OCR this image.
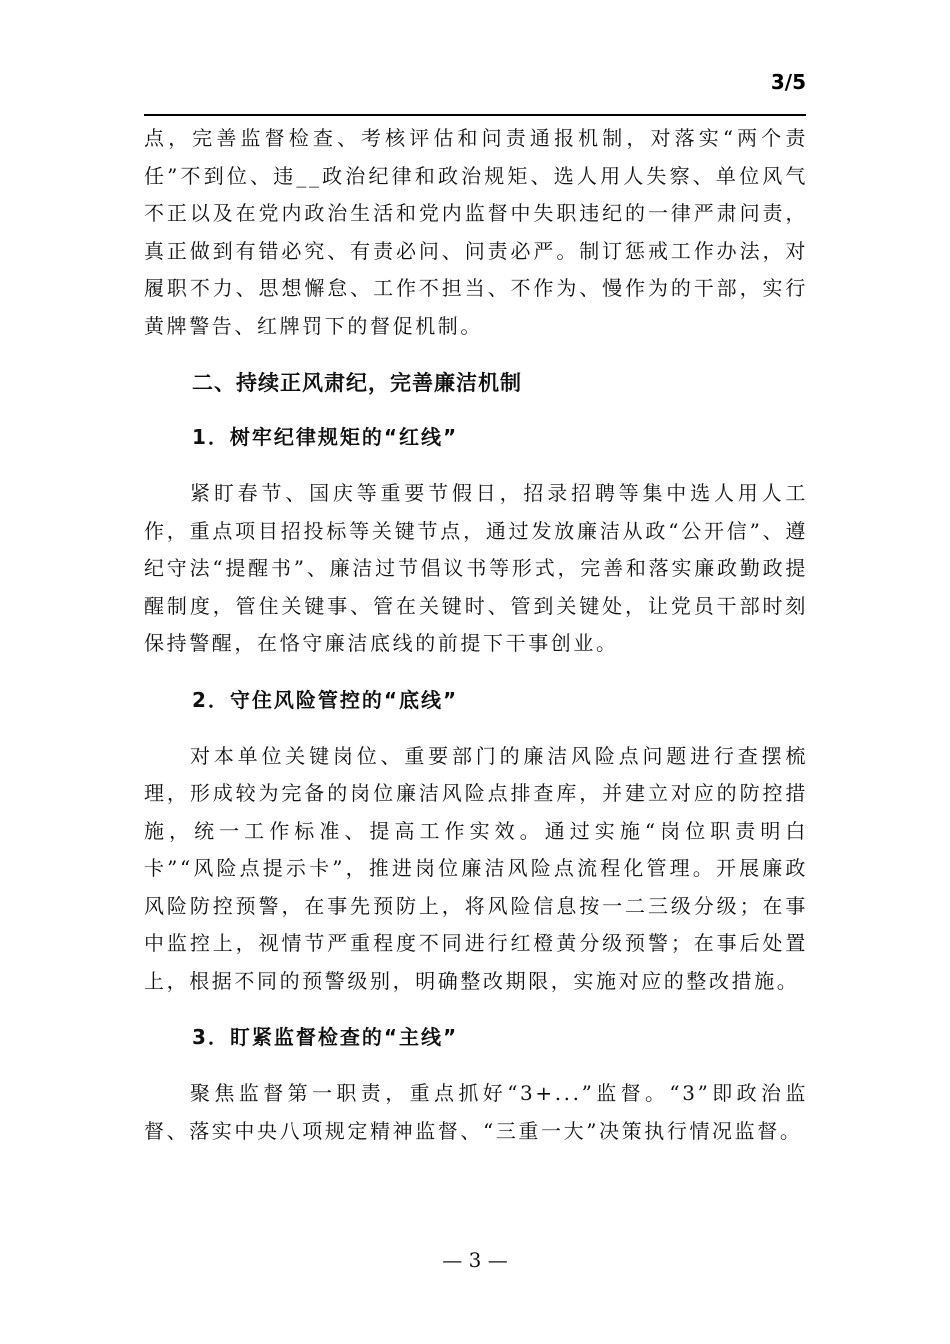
3/5

点，完善监督检查、考核评估和问责通报机制，对落实“两个责任”不到位、违__政治纪律和政治规矩、选人用人失察、单位风气不正以及在党内政治生活和党内监督中失职违纪的一律严肃问责，真正做到有错必究、有责必问、问责必严。制订惩戒工作办法，对履职不力、思想懈怠、工作不担当、不作为、慢作为的干部，实行黄牌警告、红牌罚下的督促机制。

二、持续正风肃纪，完善廉洁机制
1．树牢纪律规矩的“红线”

紧盯春节、国庆等重要节假日，招录招聘等集中选人用人工作，重点项目招投标等关键节点，通过发放廉洁从政“公开信”、遵纪守法“提醒书”、廉洁过节倡议书等形式，完善和落实廉政勤政提醒制度，管住关键事、管在关键时、管到关键处，让党员干部时刻保持警醒，在恪守廉洁底线的前提下干事创业。

2．守住风险管控的“底线”

对本单位关键岗位、重要部门的廉洁风险点问题进行查摆梳理，形成较为完备的岗位廉洁风险点排查库，并建立对应的防控措施，统一工作标准、提高工作实效。通过实施“岗位职责明白卡”“风险点提示卡”，推进岗位廉洁风险点流程化管理。开展廉政风险防控预警，在事先预防上，将风险信息按一二三级分级；在事中监控上，视情节严重程度不同进行红橙黄分级预警；在事后处置上，根据不同的预警级别，明确整改期限，实施对应的整改措施。

3．盯紧监督检查的“主线”

聚焦监督第一职责，重点抓好“3+...”监督。“3”即政治监督、落实中央八项规定精神监督、“三重一大”决策执行情况监督。

— 3 —
